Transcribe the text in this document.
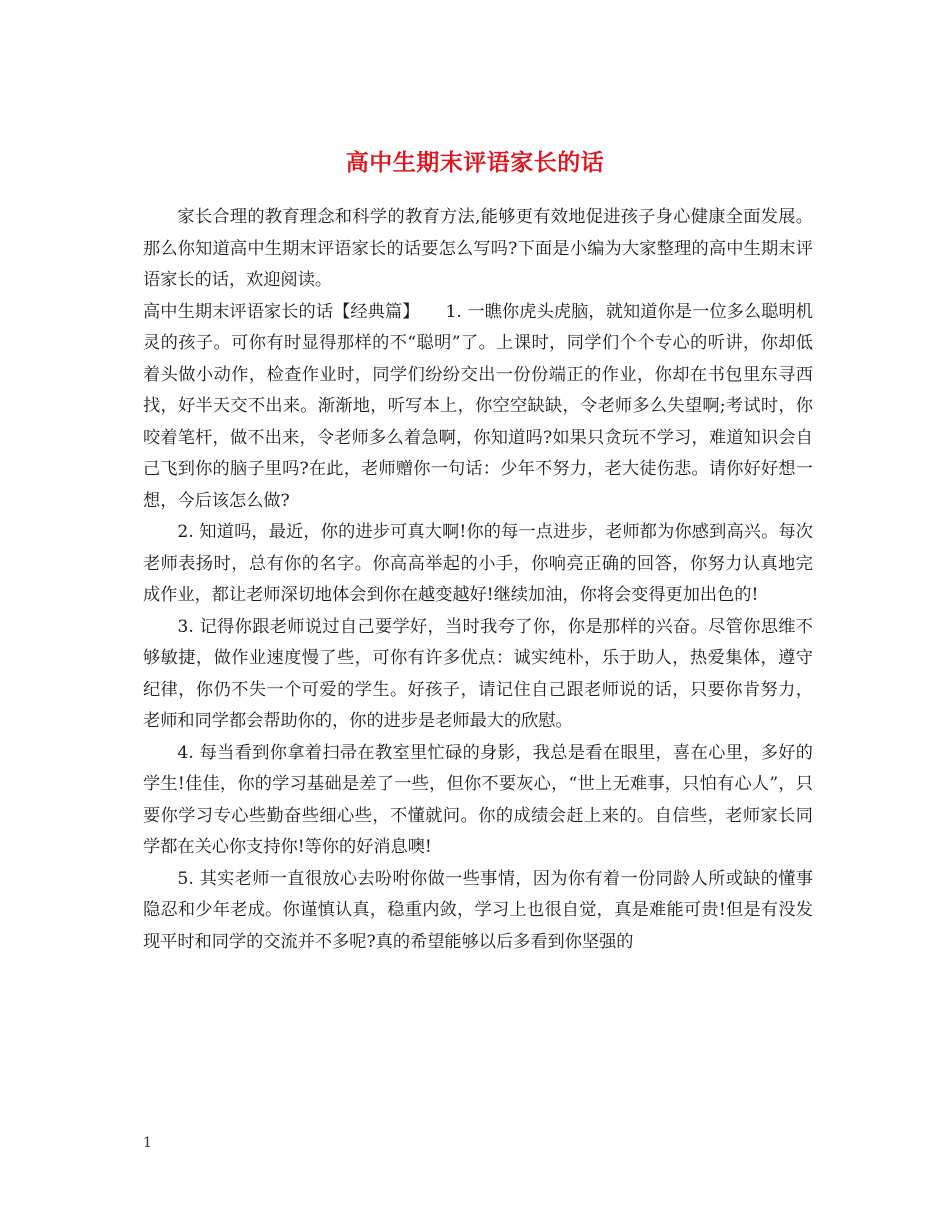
高中生期末评语家长的话

家长合理的教育理念和科学的教育方法,能够更有效地促进孩子身心健康全面发展。那么你知道高中生期末评语家长的话要怎么写吗?下面是小编为大家整理的高中生期末评语家长的话，欢迎阅读。

高中生期末评语家长的话【经典篇】　　1. 一瞧你虎头虎脑，就知道你是一位多么聪明机灵的孩子。可你有时显得那样的不“聪明”了。上课时，同学们个个专心的听讲，你却低着头做小动作，检查作业时，同学们纷纷交出一份份端正的作业，你却在书包里东寻西找，好半天交不出来。渐渐地，听写本上，你空空缺缺，令老师多么失望啊;考试时，你咬着笔杆，做不出来，令老师多么着急啊，你知道吗?如果只贪玩不学习，难道知识会自己飞到你的脑子里吗?在此，老师赠你一句话：少年不努力，老大徒伤悲。请你好好想一想，今后该怎么做?

2. 知道吗，最近，你的进步可真大啊!你的每一点进步，老师都为你感到高兴。每次老师表扬时，总有你的名字。你高高举起的小手，你响亮正确的回答，你努力认真地完成作业，都让老师深切地体会到你在越变越好!继续加油，你将会变得更加出色的!

3. 记得你跟老师说过自己要学好，当时我夸了你，你是那样的兴奋。尽管你思维不够敏捷，做作业速度慢了些，可你有许多优点：诚实纯朴，乐于助人，热爱集体，遵守纪律，你仍不失一个可爱的学生。好孩子，请记住自己跟老师说的话，只要你肯努力，老师和同学都会帮助你的，你的进步是老师最大的欣慰。

4. 每当看到你拿着扫帚在教室里忙碌的身影，我总是看在眼里，喜在心里，多好的学生!佳佳，你的学习基础是差了一些，但你不要灰心，“世上无难事，只怕有心人”，只要你学习专心些勤奋些细心些，不懂就问。你的成绩会赶上来的。自信些，老师家长同学都在关心你支持你!等你的好消息噢!

5. 其实老师一直很放心去吩咐你做一些事情，因为你有着一份同龄人所或缺的懂事隐忍和少年老成。你谨慎认真，稳重内敛，学习上也很自觉，真是难能可贵!但是有没发现平时和同学的交流并不多呢?真的希望能够以后多看到你坚强的

1
